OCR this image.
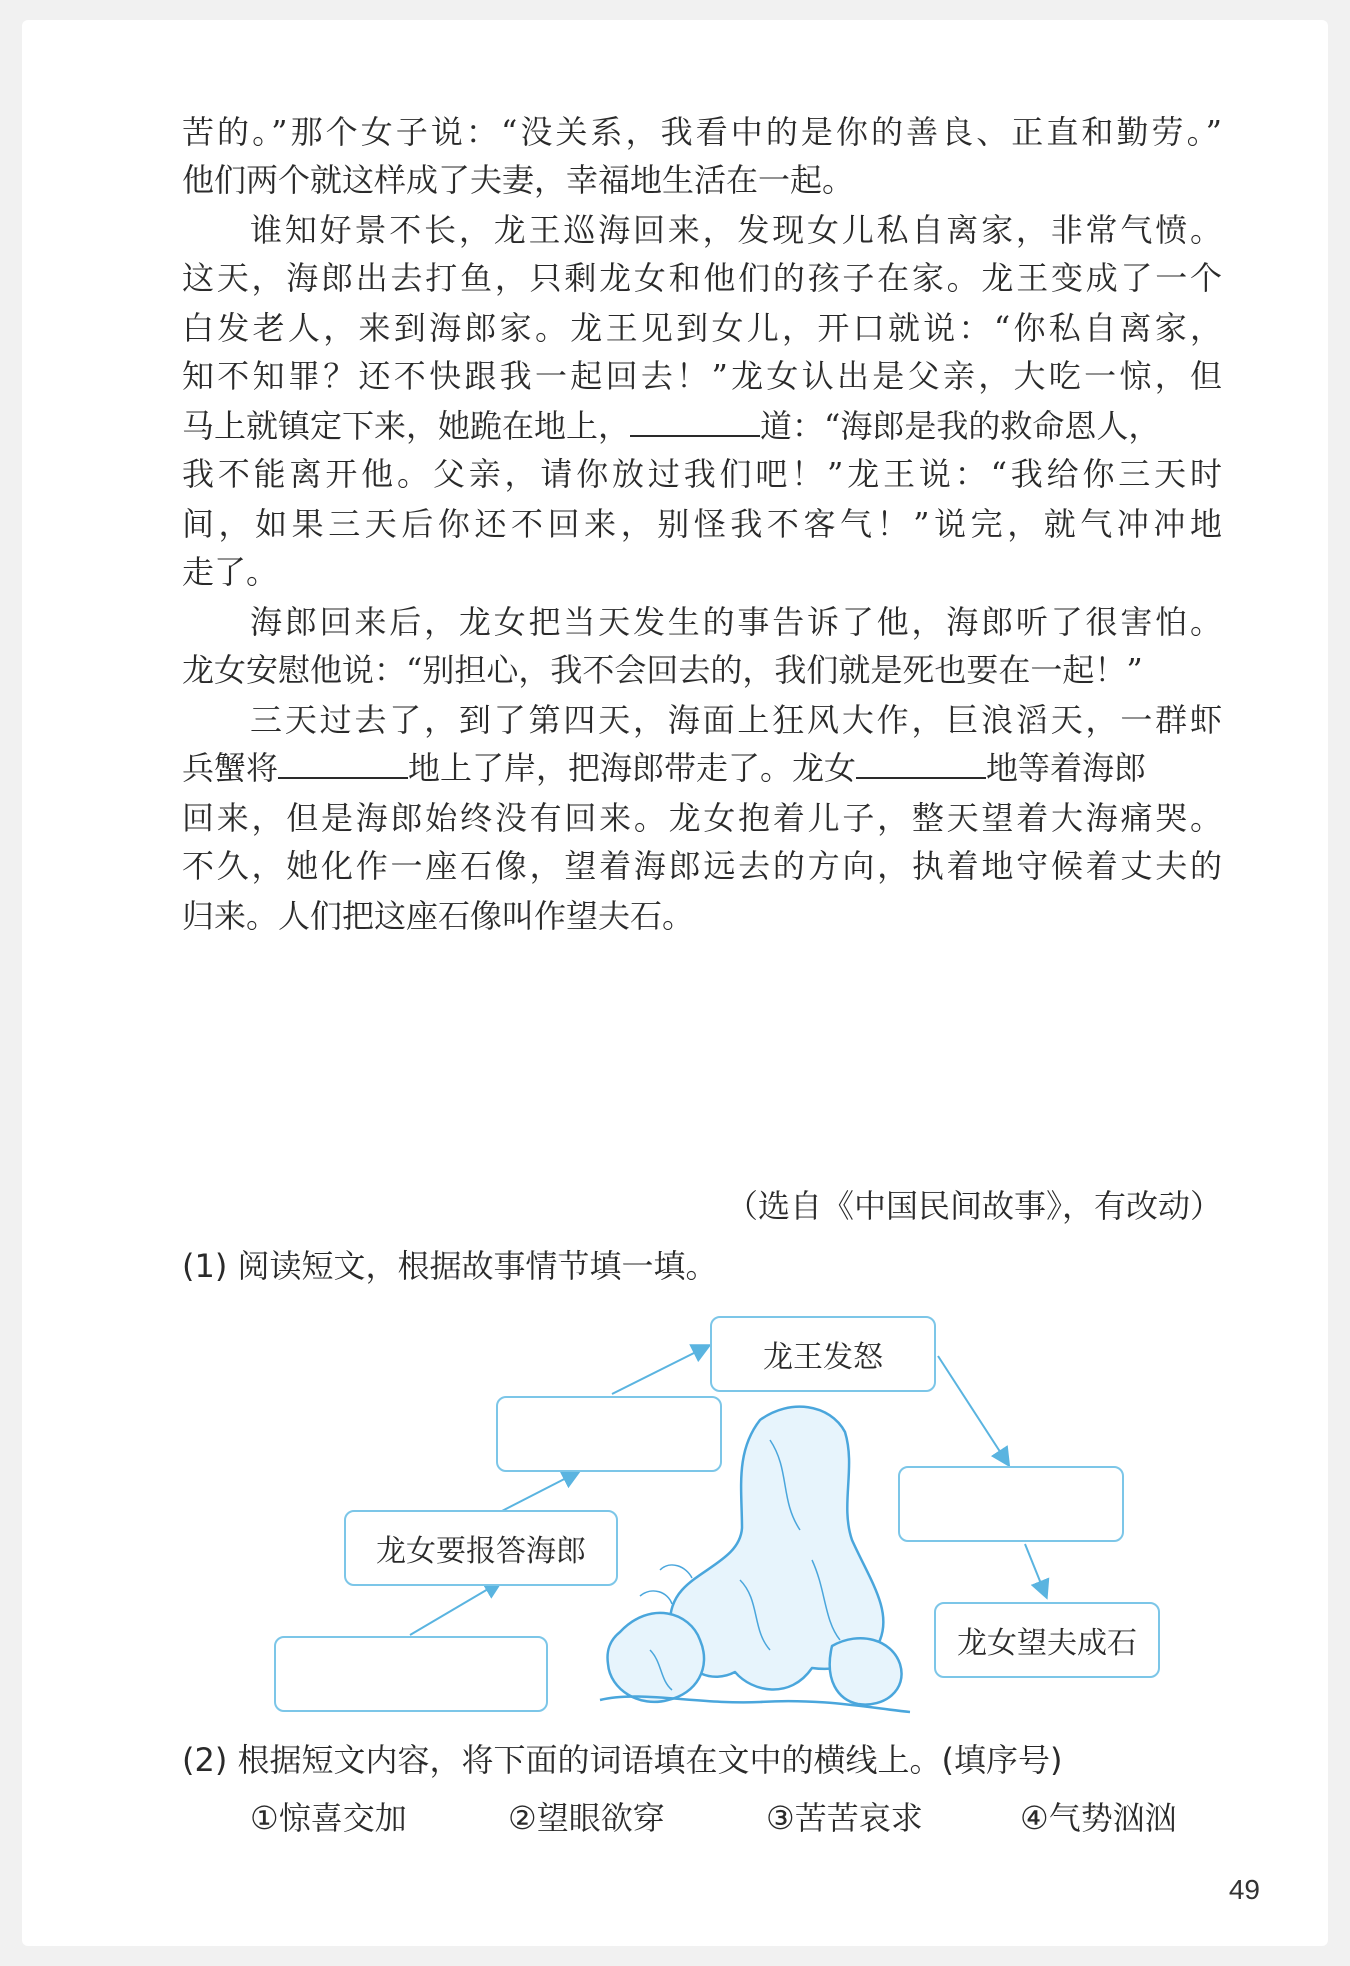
苦的。”那个女子说：“没关系，我看中的是你的善良、正直和勤劳。”
他们两个就这样成了夫妻，幸福地生活在一起。
谁知好景不长，龙王巡海回来，发现女儿私自离家，非常气愤。
这天，海郎出去打鱼，只剩龙女和他们的孩子在家。龙王变成了一个
白发老人，来到海郎家。龙王见到女儿，开口就说：“你私自离家，
知不知罪？还不快跟我一起回去！”龙女认出是父亲，大吃一惊，但
马上就镇定下来，她跪在地上，	道：“海郎是我的救命恩人，
我不能离开他。父亲，请你放过我们吧！”龙王说：“我给你三天时
间，如果三天后你还不回来，别怪我不客气！”说完，就气冲冲地
走了。
海郎回来后，龙女把当天发生的事告诉了他，海郎听了很害怕。
龙女安慰他说：“别担心，我不会回去的，我们就是死也要在一起！”
三天过去了，到了第四天，海面上狂风大作，巨浪滔天，一群虾
兵蟹将	地上了岸，把海郎带走了。龙女	地等着海郎
回来，但是海郎始终没有回来。龙女抱着儿子，整天望着大海痛哭。
不久，她化作一座石像，望着海郎远去的方向，执着地守候着丈夫的
归来。人们把这座石像叫作望夫石。
（选自《中国民间故事》，有改动）
(1) 阅读短文，根据故事情节填一填。
龙王发怒
龙女要报答海郎
龙女望夫成石
(2) 根据短文内容，将下面的词语填在文中的横线上。(填序号)
①惊喜交加	②望眼欲穿	③苦苦哀求	④气势汹汹
49
